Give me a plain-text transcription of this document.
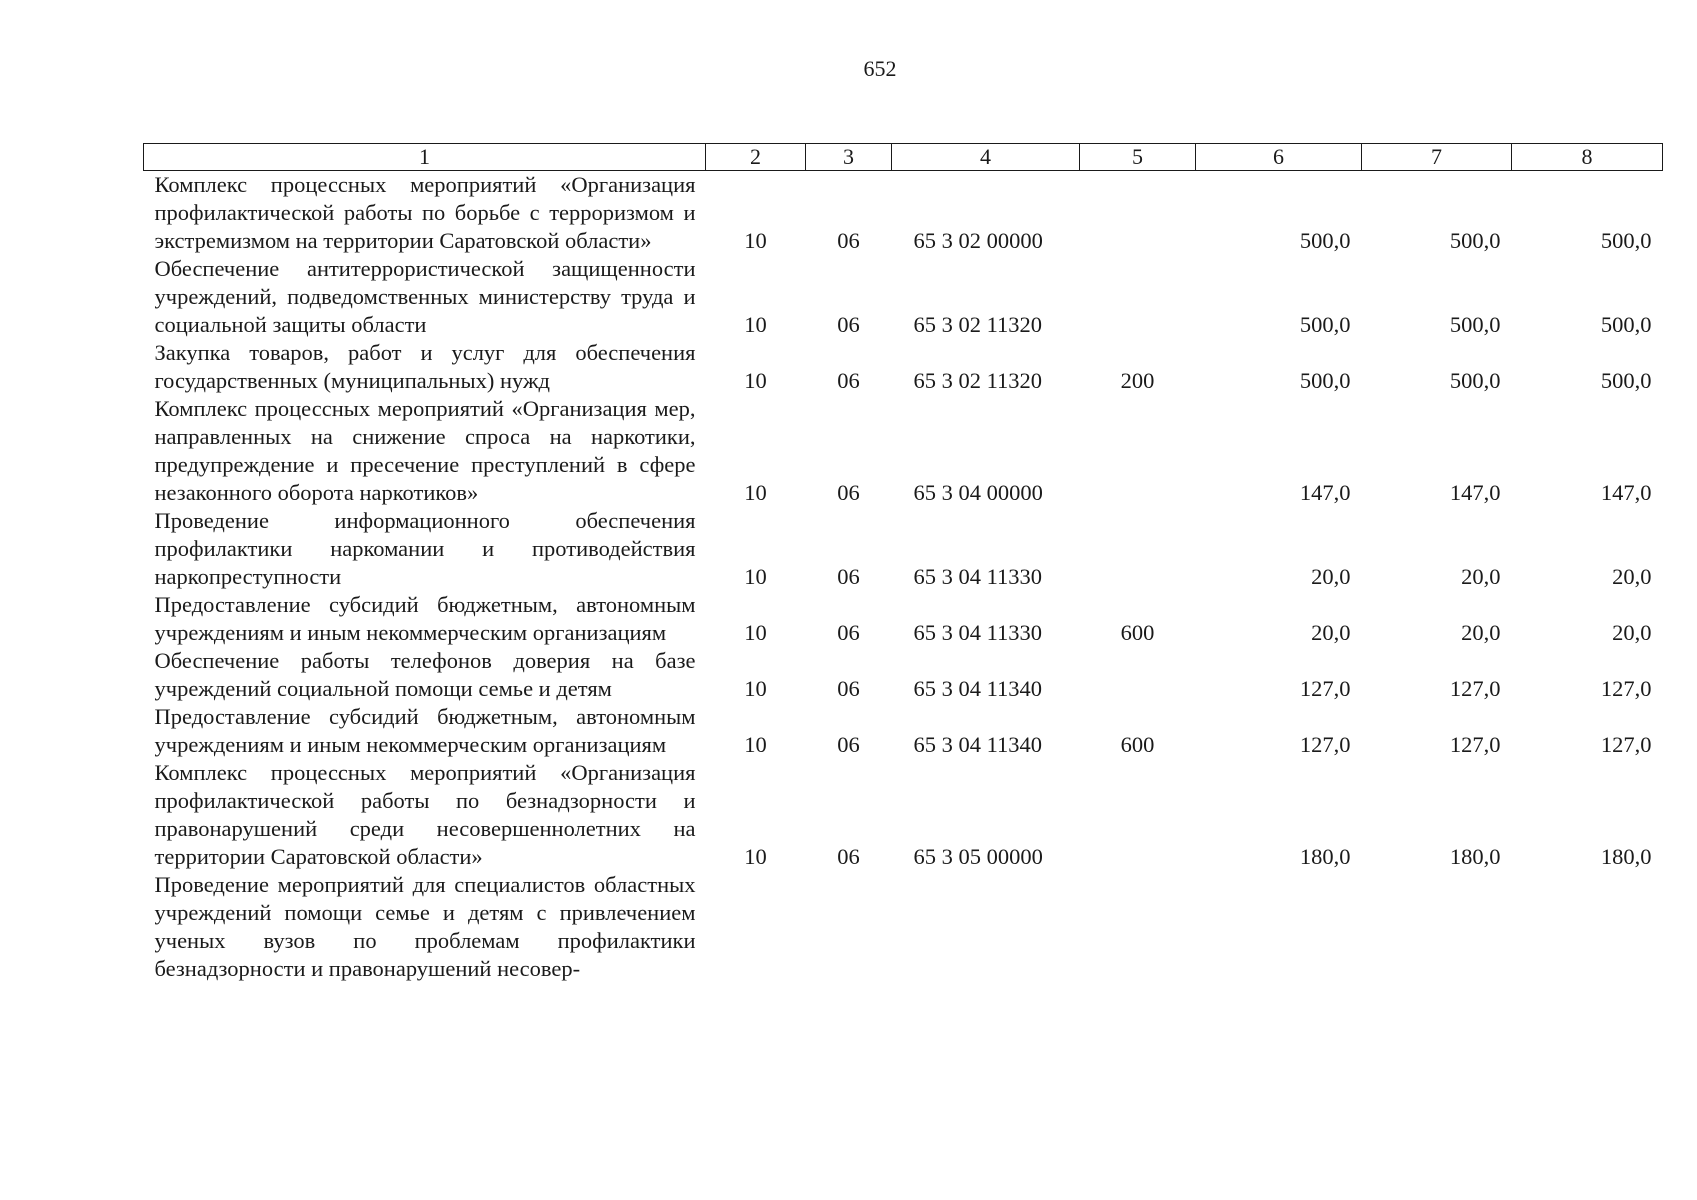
652
1	2	3	4	5	6	7	8
Комплекс процессных мероприятий «Организация профилактической работы по борьбе с терроризмом и экстремизмом на территории Саратовской области»	10	06	65 3 02 00000		500,0	500,0	500,0
Обеспечение антитеррористической защищенности учреждений, подведомственных министерству труда и социальной защиты области	10	06	65 3 02 11320		500,0	500,0	500,0
Закупка товаров, работ и услуг для обеспечения государственных (муниципальных) нужд	10	06	65 3 02 11320	200	500,0	500,0	500,0
Комплекс процессных мероприятий «Организация мер, направленных на снижение спроса на наркотики, предупреждение и пресечение преступлений в сфере незаконного оборота наркотиков»	10	06	65 3 04 00000		147,0	147,0	147,0
Проведение информационного обеспечения профилактики наркомании и противодействия наркопреступности	10	06	65 3 04 11330		20,0	20,0	20,0
Предоставление субсидий бюджетным, автономным учреждениям и иным некоммерческим организациям	10	06	65 3 04 11330	600	20,0	20,0	20,0
Обеспечение работы телефонов доверия на базе учреждений социальной помощи семье и детям	10	06	65 3 04 11340		127,0	127,0	127,0
Предоставление субсидий бюджетным, автономным учреждениям и иным некоммерческим организациям	10	06	65 3 04 11340	600	127,0	127,0	127,0
Комплекс процессных мероприятий «Организация профилактической работы по безнадзорности и правонарушений среди несовершеннолетних на территории Саратовской области»	10	06	65 3 05 00000		180,0	180,0	180,0
Проведение мероприятий для специалистов областных учреждений помощи семье и детям с привлечением ученых вузов по проблемам профилактики безнадзорности и правонарушений несовер-							
